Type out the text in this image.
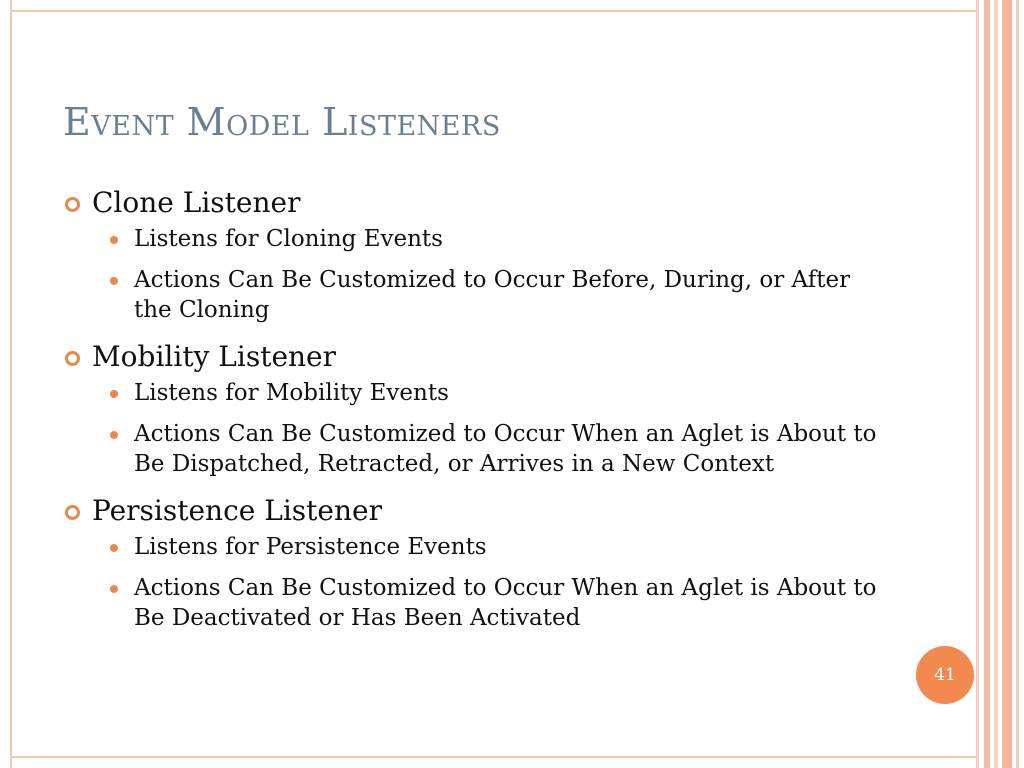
Event Model Listeners
Clone Listener
Listens for Cloning Events
Actions Can Be Customized to Occur Before, During, or After the Cloning
Mobility Listener
Listens for Mobility Events
Actions Can Be Customized to Occur When an Aglet is About to Be Dispatched, Retracted, or Arrives in a New Context
Persistence Listener
Listens for Persistence Events
Actions Can Be Customized to Occur When an Aglet is About to Be Deactivated or Has Been Activated
41
